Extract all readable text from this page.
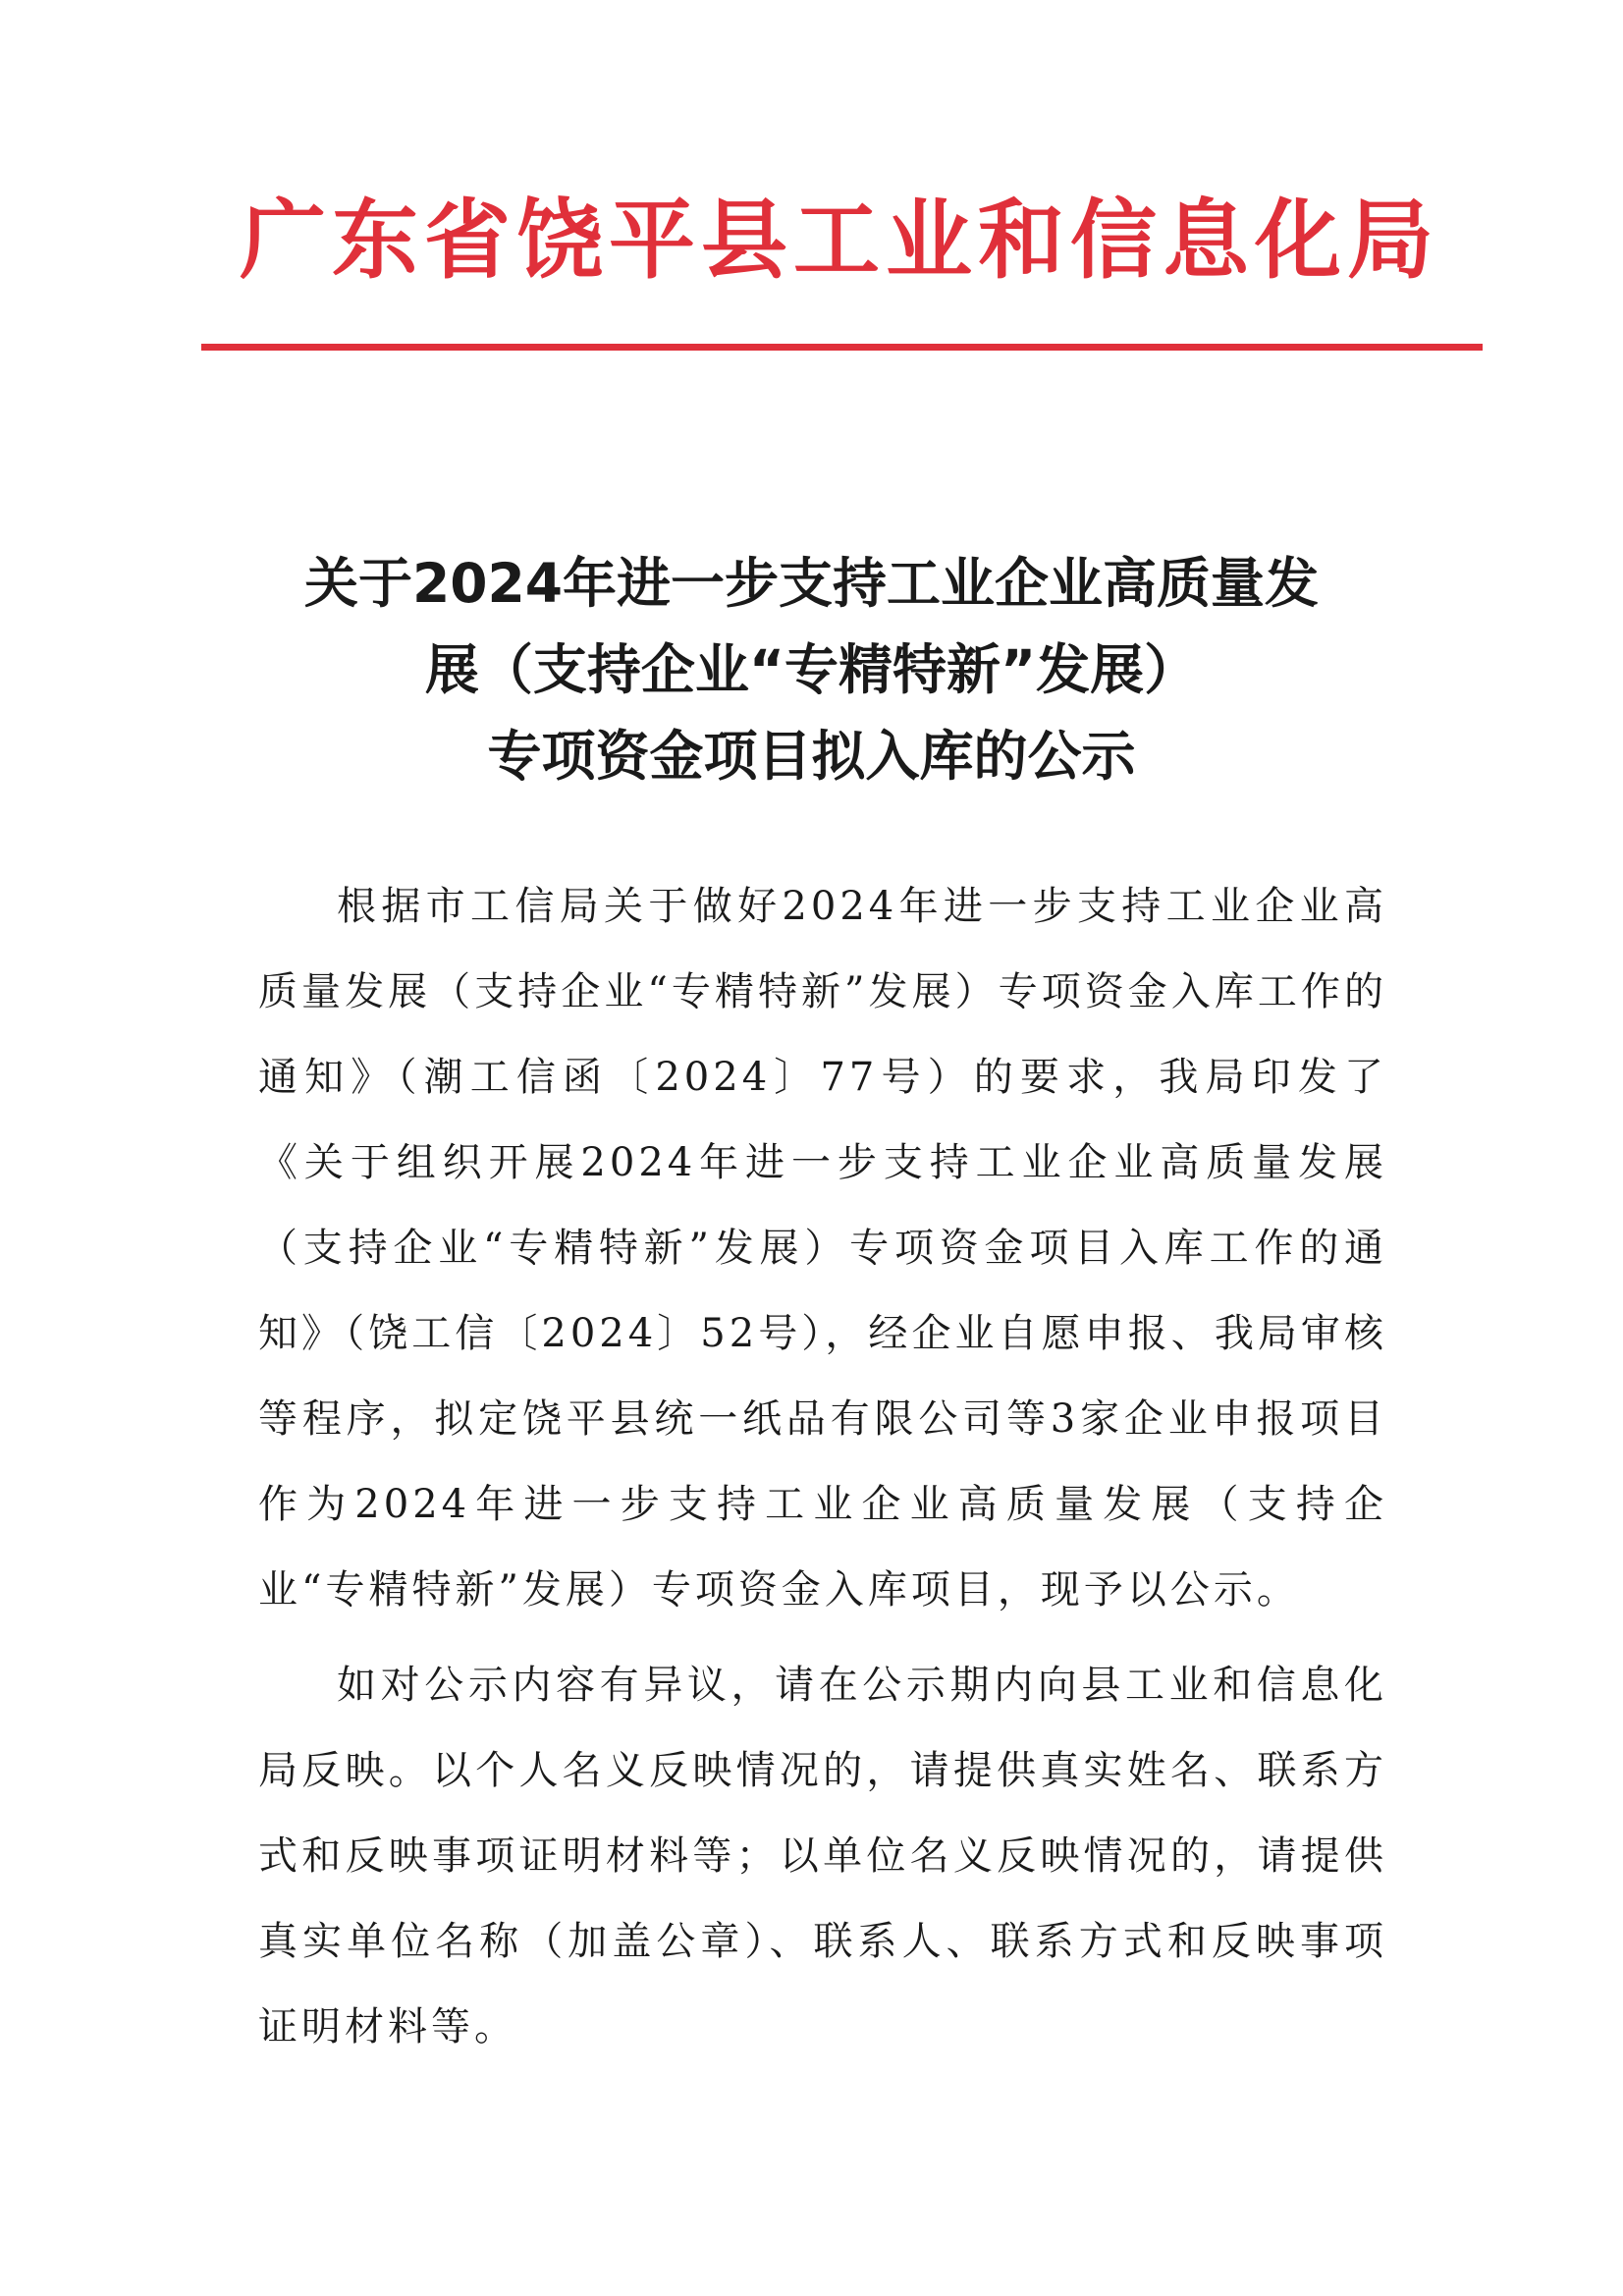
广东省饶平县工业和信息化局
关于2024年进一步支持工业企业高质量发
展（支持企业“专精特新”发展）
专项资金项目拟入库的公示

根据市工信局关于做好2024年进一步支持工业企业高质量发展（支持企业“专精特新”发展）专项资金入库工作的通知》（潮工信函〔2024〕77号）的要求，我局印发了《关于组织开展2024年进一步支持工业企业高质量发展（支持企业“专精特新”发展）专项资金项目入库工作的通知》（饶工信〔2024〕52号），经企业自愿申报、我局审核等程序，拟定饶平县统一纸品有限公司等3家企业申报项目作为2024年进一步支持工业企业高质量发展（支持企业“专精特新”发展）专项资金入库项目，现予以公示。

如对公示内容有异议，请在公示期内向县工业和信息化局反映。以个人名义反映情况的，请提供真实姓名、联系方式和反映事项证明材料等；以单位名义反映情况的，请提供真实单位名称（加盖公章）、联系人、联系方式和反映事项证明材料等。
